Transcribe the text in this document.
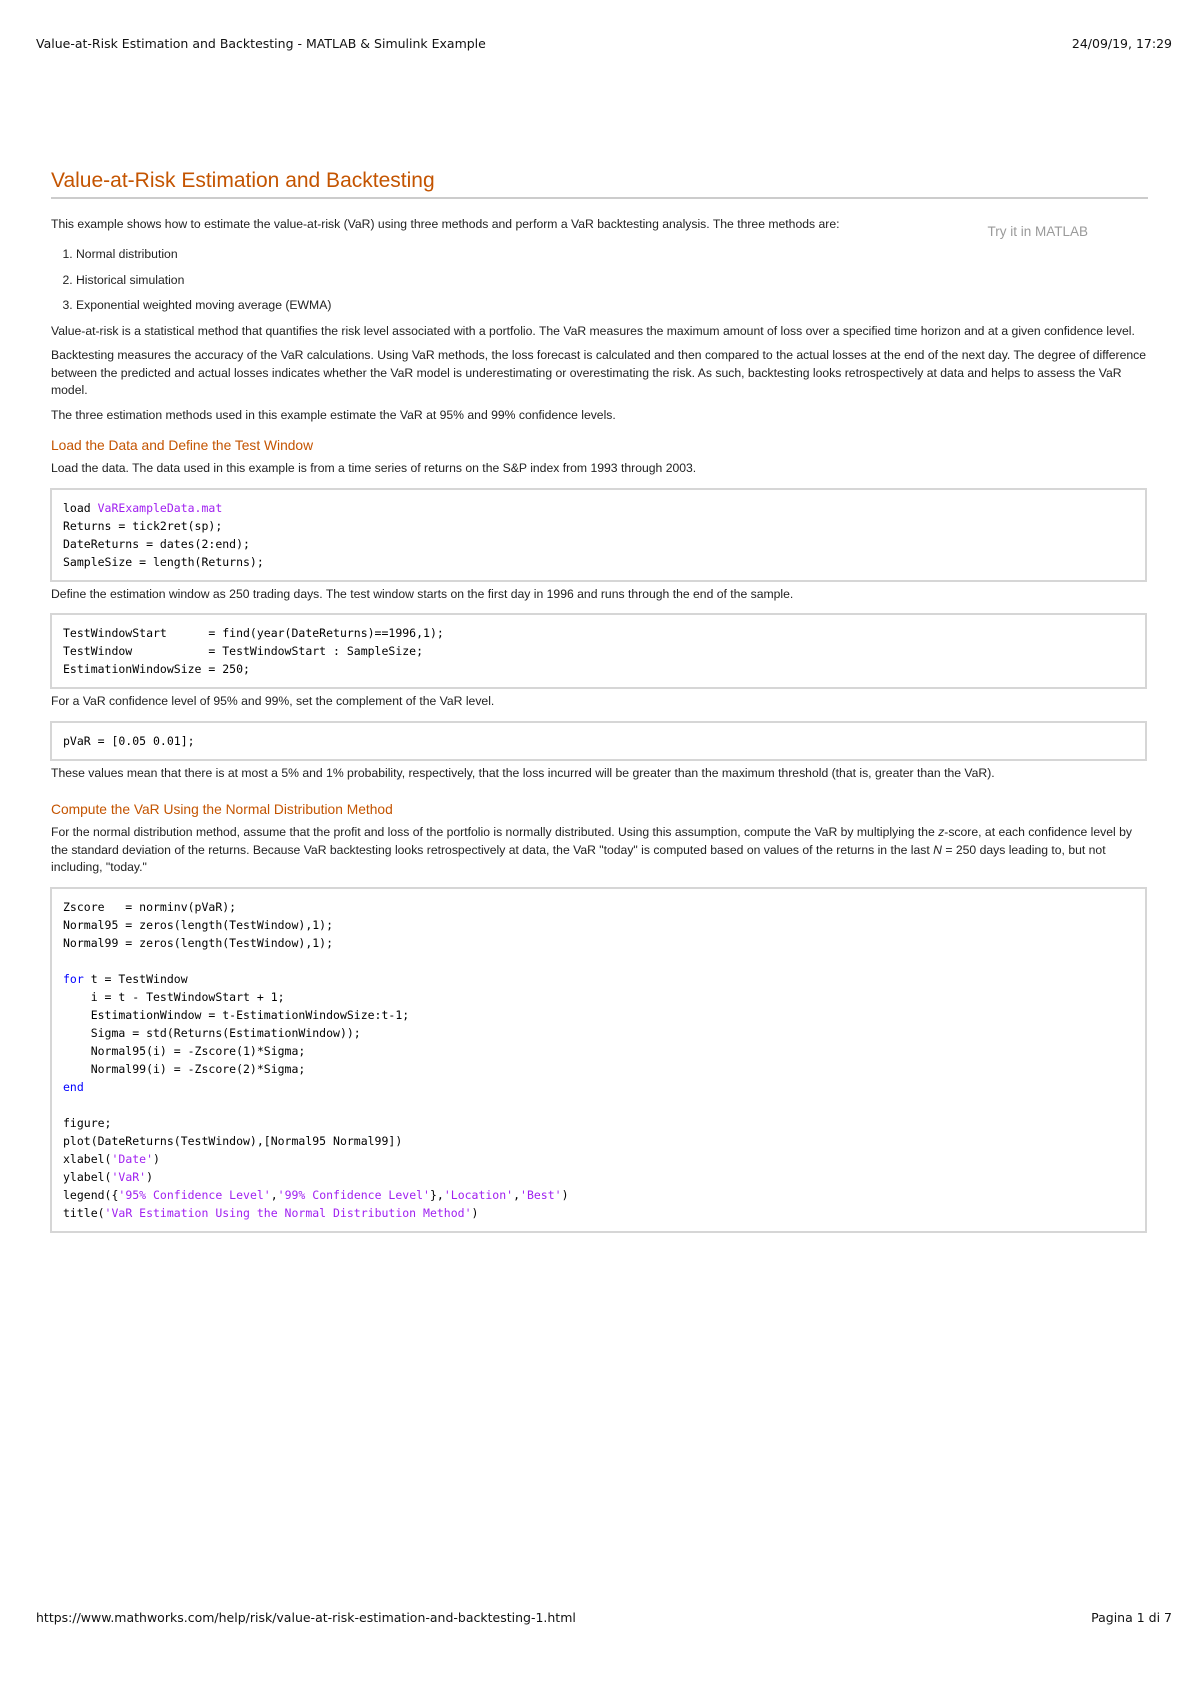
Value-at-Risk Estimation and Backtesting - MATLAB & Simulink Example	24/09/19, 17:29
Value-at-Risk Estimation and Backtesting

This example shows how to estimate the value-at-risk (VaR) using three methods and perform a VaR backtesting analysis. The three methods are:	Try it in MATLAB
1. Normal distribution
2. Historical simulation
3. Exponential weighted moving average (EWMA)

Value-at-risk is a statistical method that quantifies the risk level associated with a portfolio. The VaR measures the maximum amount of loss over a specified time horizon and at a given confidence level.

Backtesting measures the accuracy of the VaR calculations. Using VaR methods, the loss forecast is calculated and then compared to the actual losses at the end of the next day. The degree of difference between the predicted and actual losses indicates whether the VaR model is underestimating or overestimating the risk. As such, backtesting looks retrospectively at data and helps to assess the VaR model.

The three estimation methods used in this example estimate the VaR at 95% and 99% confidence levels.

Load the Data and Define the Test Window

Load the data. The data used in this example is from a time series of returns on the S&P index from 1993 through 2003.

load VaRExampleData.mat
Returns = tick2ret(sp);
DateReturns = dates(2:end);
SampleSize = length(Returns);

Define the estimation window as 250 trading days. The test window starts on the first day in 1996 and runs through the end of the sample.

TestWindowStart      = find(year(DateReturns)==1996,1);
TestWindow           = TestWindowStart : SampleSize;
EstimationWindowSize = 250;

For a VaR confidence level of 95% and 99%, set the complement of the VaR level.

pVaR = [0.05 0.01];

These values mean that there is at most a 5% and 1% probability, respectively, that the loss incurred will be greater than the maximum threshold (that is, greater than the VaR).

Compute the VaR Using the Normal Distribution Method

For the normal distribution method, assume that the profit and loss of the portfolio is normally distributed. Using this assumption, compute the VaR by multiplying the z-score, at each confidence level by the standard deviation of the returns. Because VaR backtesting looks retrospectively at data, the VaR "today" is computed based on values of the returns in the last N = 250 days leading to, but not including, "today."

Zscore   = norminv(pVaR);
Normal95 = zeros(length(TestWindow),1);
Normal99 = zeros(length(TestWindow),1);

for t = TestWindow
i = t - TestWindowStart + 1;
EstimationWindow = t-EstimationWindowSize:t-1;
Sigma = std(Returns(EstimationWindow));
Normal95(i) = -Zscore(1)*Sigma;
Normal99(i) = -Zscore(2)*Sigma;
end

figure;
plot(DateReturns(TestWindow),[Normal95 Normal99])
xlabel('Date')
ylabel('VaR')
legend({'95% Confidence Level','99% Confidence Level'},'Location','Best')
title('VaR Estimation Using the Normal Distribution Method')
https://www.mathworks.com/help/risk/value-at-risk-estimation-and-backtesting-1.html	Pagina 1 di 7
